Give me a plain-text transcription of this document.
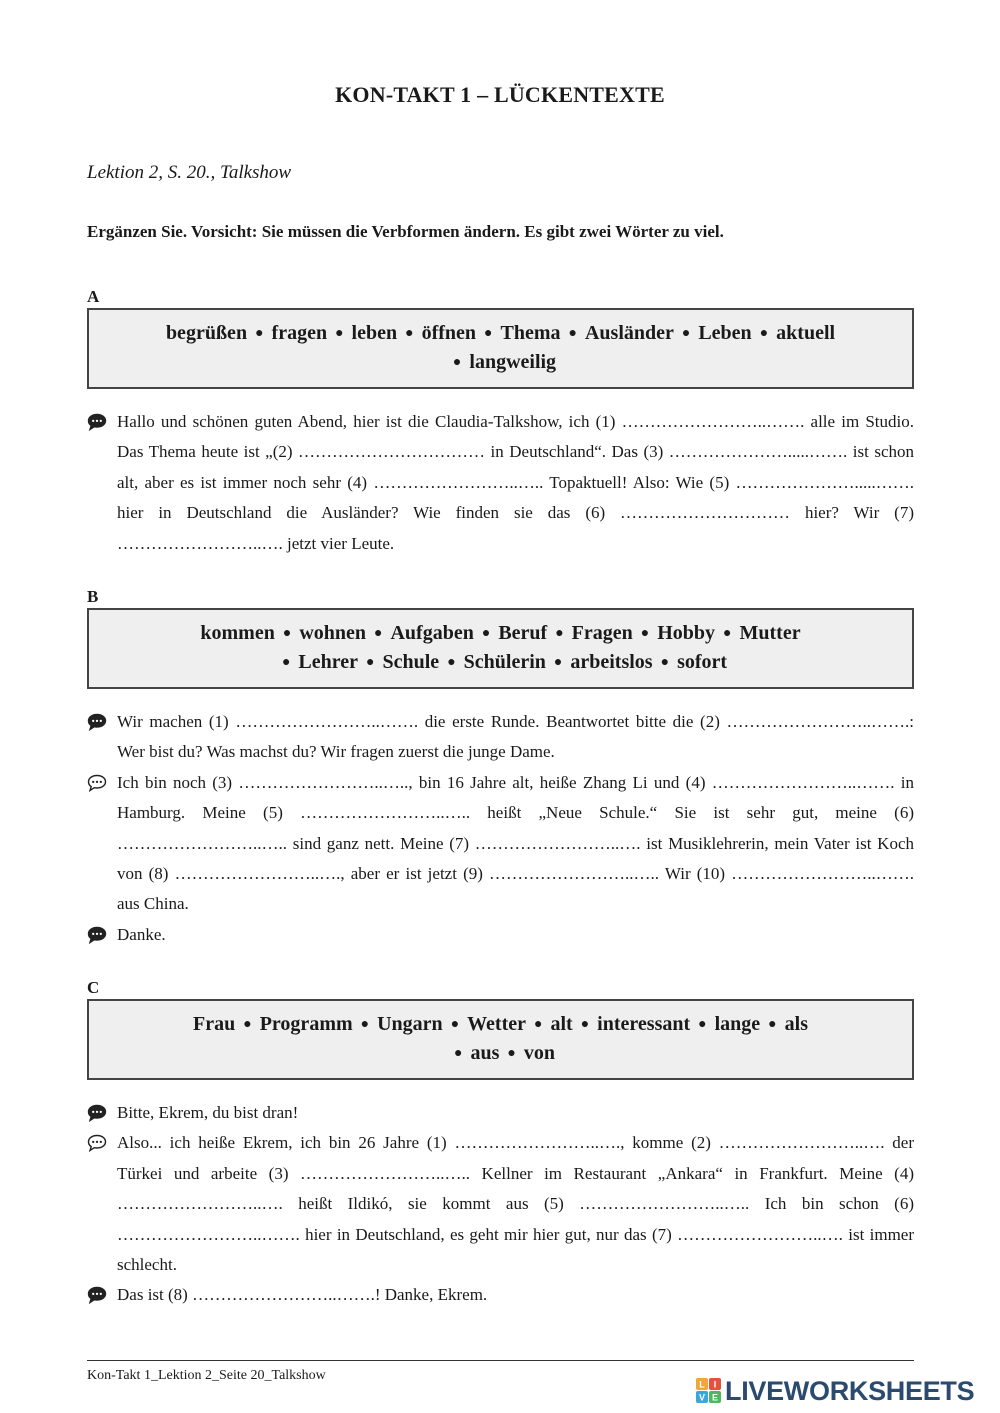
KON-TAKT 1 – LÜCKENTEXTE
Lektion 2, S. 20., Talkshow
Ergänzen Sie. Vorsicht: Sie müssen die Verbformen ändern. Es gibt zwei Wörter zu viel.
A
begrüßen ● fragen ● leben ● öffnen ● Thema ● Ausländer ● Leben ● aktuell
● langweilig
Hallo und schönen guten Abend, hier ist die Claudia-Talkshow, ich (1) ……………………..……. alle im Studio. Das Thema heute ist „(2) …………………………… in Deutschland“. Das (3) ………………….....……. ist schon alt, aber es ist immer noch sehr (4) ……………………..….. Topaktuell! Also: Wie (5) ………………….....……. hier in Deutschland die Ausländer? Wie finden sie das (6) ………………………… hier? Wir (7) ……………………..…. jetzt vier Leute.
B
kommen ● wohnen ● Aufgaben ● Beruf ● Fragen ● Hobby ● Mutter
● Lehrer ● Schule ● Schülerin ● arbeitslos ● sofort
Wir machen (1) ……………………..……. die erste Runde. Beantwortet bitte die (2) ……………………..…….: Wer bist du? Was machst du? Wir fragen zuerst die junge Dame.
Ich bin noch (3) ……………………..….., bin 16 Jahre alt, heiße Zhang Li und (4) ……………………..……. in Hamburg. Meine (5) ……………………..….. heißt „Neue Schule.“ Sie ist sehr gut, meine (6) ……………………..….. sind ganz nett. Meine (7) ……………………..…. ist Musiklehrerin, mein Vater ist Koch von (8) ……………………..…., aber er ist jetzt (9) ……………………..….. Wir (10) ……………………..……. aus China.
Danke.
C
Frau ● Programm ● Ungarn ● Wetter ● alt ● interessant ● lange ● als
● aus ● von
Bitte, Ekrem, du bist dran!
Also... ich heiße Ekrem, ich bin 26 Jahre (1) ……………………..…., komme (2) ……………………..…. der Türkei und arbeite (3) ……………………..….. Kellner im Restaurant „Ankara“ in Frankfurt. Meine (4) ……………………..…. heißt Ildikó, sie kommt aus (5) ……………………..….. Ich bin schon (6) ……………………..……. hier in Deutschland, es geht mir hier gut, nur das (7) ……………………..…. ist immer schlecht.
Das ist (8) ……………………..…….! Danke, Ekrem.
Kon-Takt 1_Lektion 2_Seite 20_Talkshow
L I
V E LIVEWORKSHEETS
